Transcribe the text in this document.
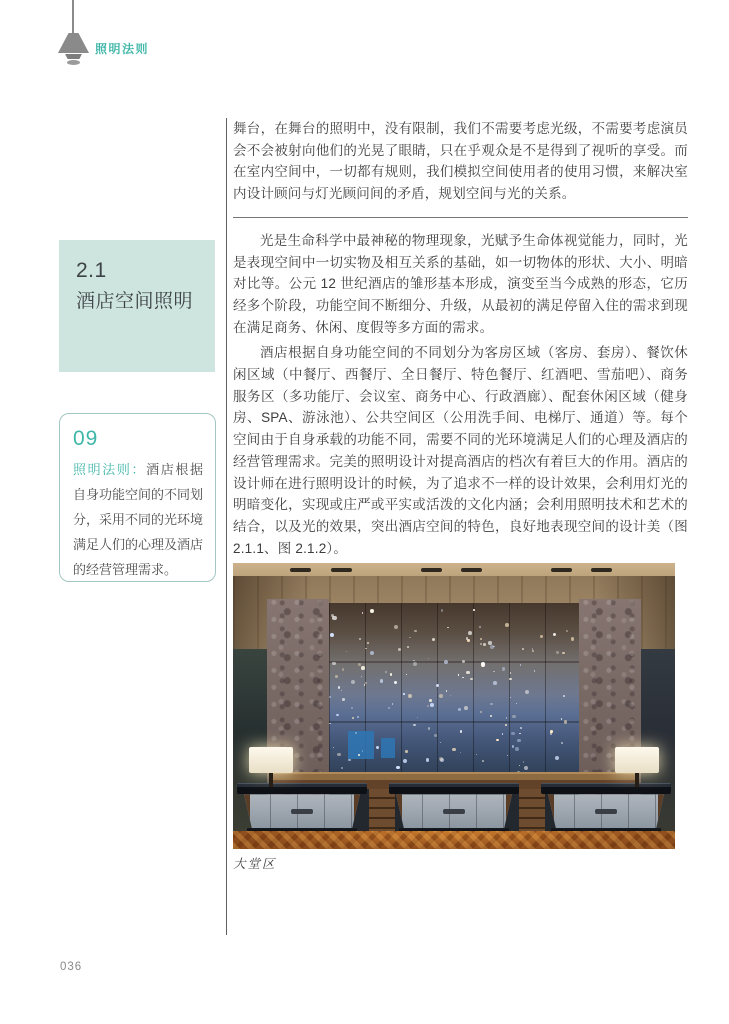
照明法则
2.1
酒店空间照明
09
照明法则：酒店根据自身功能空间的不同划分，采用不同的光环境满足人们的心理及酒店的经营管理需求。

舞台，在舞台的照明中，没有限制，我们不需要考虑光级，不需要考虑演员会不会被射向他们的光晃了眼睛，只在乎观众是不是得到了视听的享受。而在室内空间中，一切都有规则，我们模拟空间使用者的使用习惯，来解决室内设计顾问与灯光顾问间的矛盾，规划空间与光的关系。

光是生命科学中最神秘的物理现象，光赋予生命体视觉能力，同时，光是表现空间中一切实物及相互关系的基础，如一切物体的形状、大小、明暗对比等。公元 12 世纪酒店的雏形基本形成，演变至当今成熟的形态，它历经多个阶段，功能空间不断细分、升级，从最初的满足停留入住的需求到现在满足商务、休闲、度假等多方面的需求。

酒店根据自身功能空间的不同划分为客房区域（客房、套房）、餐饮休闲区域（中餐厅、西餐厅、全日餐厅、特色餐厅、红酒吧、雪茄吧）、商务服务区（多功能厅、会议室、商务中心、行政酒廊）、配套休闲区域（健身房、SPA、游泳池）、公共空间区（公用洗手间、电梯厅、通道）等。每个空间由于自身承载的功能不同，需要不同的光环境满足人们的心理及酒店的经营管理需求。完美的照明设计对提高酒店的档次有着巨大的作用。酒店的设计师在进行照明设计的时候，为了追求不一样的设计效果，会利用灯光的明暗变化，实现或庄严或平实或活泼的文化内涵；会利用照明技术和艺术的结合，以及光的效果，突出酒店空间的特色，良好地表现空间的设计美（图 2.1.1、图 2.1.2）。

大堂区
036
